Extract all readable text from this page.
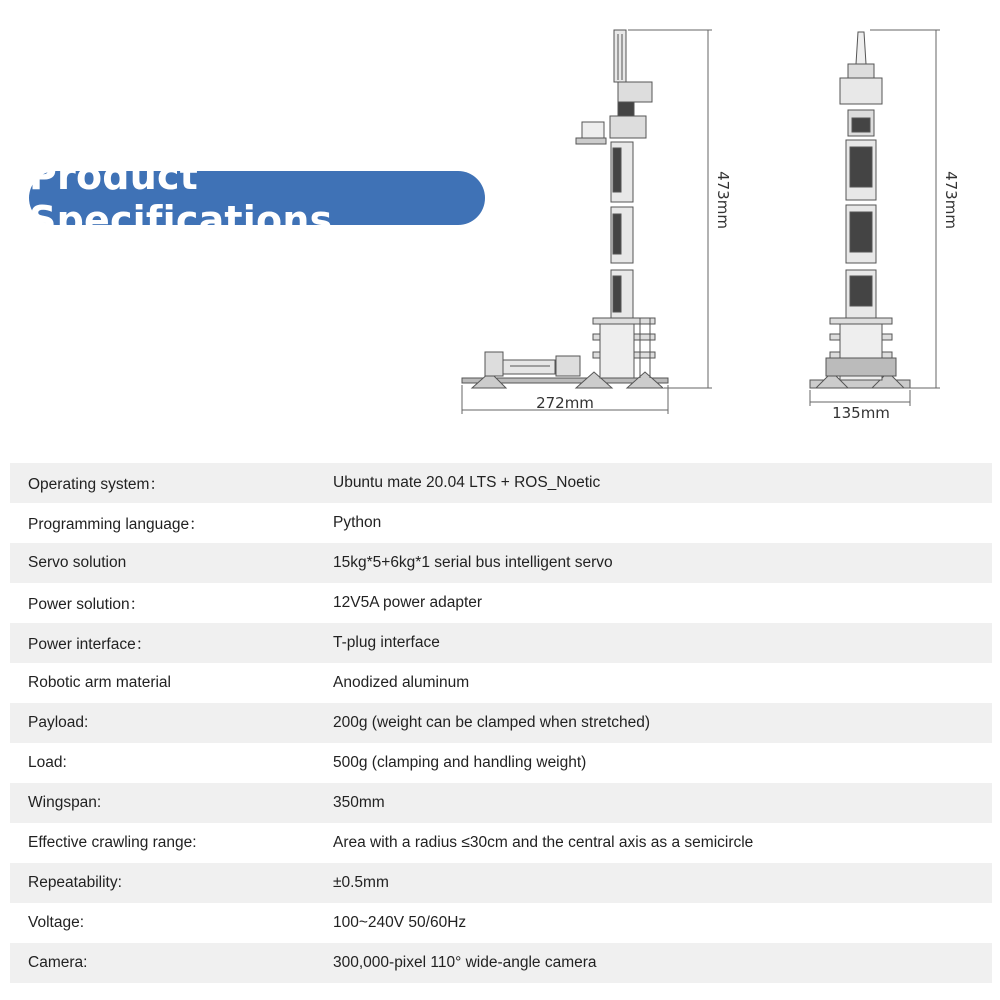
Product Specifications
272mm
135mm
473mm	473mm
Operating system：	Ubuntu mate 20.04 LTS + ROS_Noetic
Programming language：	Python
Servo solution	15kg*5+6kg*1 serial bus intelligent servo
Power solution：	12V5A power adapter
Power interface：	T-plug interface
Robotic arm material	Anodized aluminum
Payload:	200g (weight can be clamped when stretched)
Load:	500g (clamping and handling weight)
Wingspan:	350mm
Effective crawling range:	Area with a radius ≤30cm and the central axis as a semicircle
Repeatability:	±0.5mm
Voltage:	100~240V 50/60Hz
Camera:	300,000-pixel 110° wide-angle camera
